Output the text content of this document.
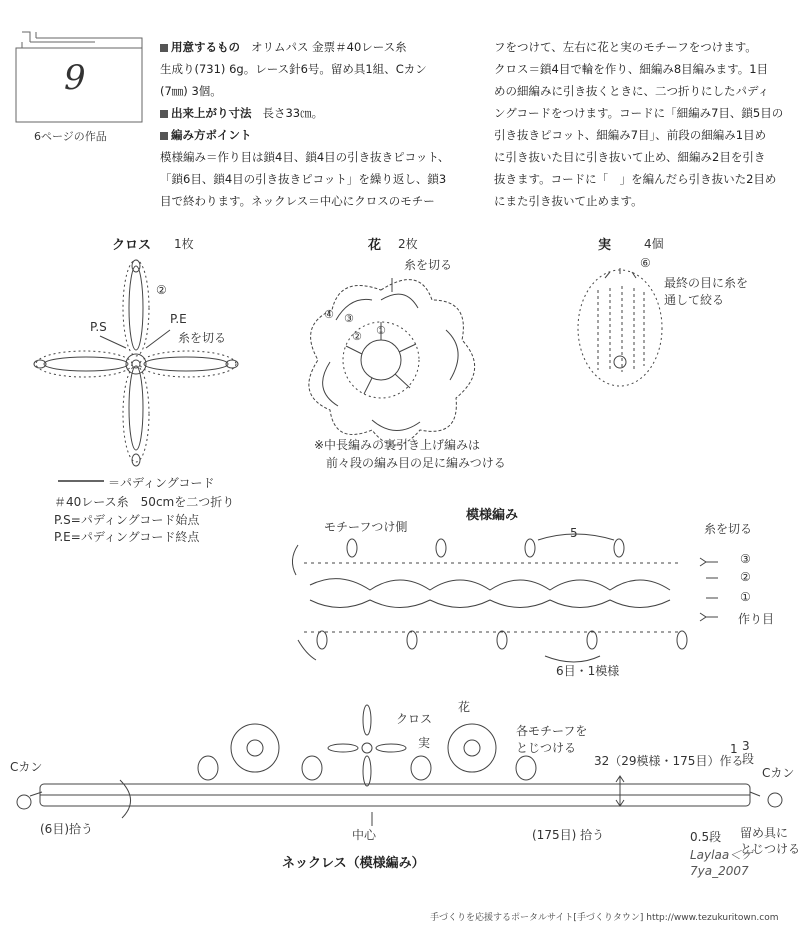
9
6ページの作品
用意するもの オリムパス 金票＃40レース糸
生成り(731) 6g。レース針6号。留め具1組、Cカン
(7㎜) 3個。
出来上がり寸法 長さ33㎝。
編み方ポイント
模様編み＝作り目は鎖4目、鎖4目の引き抜きピコット、
「鎖6目、鎖4目の引き抜きピコット」を繰り返し、鎖3
目で終わります。ネックレス＝中心にクロスのモチー
フをつけて、左右に花と実のモチーフをつけます。
クロス＝鎖4目で輪を作り、細編み8目編みます。1目
めの細編みに引き抜くときに、二つ折りにしたパディ
ングコードをつけます。コードに「細編み7目、鎖5目の
引き抜きピコット、細編み7目」、前段の細編み1目め
に引き抜いた目に引き抜いて止め、細編み2目を引き
抜きます。コードに「　」を編んだら引き抜いた2目め
にまた引き抜いて止めます。
クロス 1枚
②
P.S
P.E
糸を切る
花 2枚
糸を切る
①
②
③
④
※中長編みの裏引き上げ編みは
前々段の編み目の足に編みつける
実	4個
⑥
最終の目に糸を
通して絞る
＝パディングコード
＃40レース糸　50cmを二つ折り
P.S=パディングコード始点
P.E=パディングコード終点
模様編み
モチーフつけ側	5	糸を切る
③
②
①
作り目
6目・1模様
クロス
花
実
各モチーフを
とじつける
32（29模様・175目）作る
1 3段
Cカン	Cカン
(6目)拾う	(175目) 拾う
中心	0.5段 留め具に
とじつける
ネックレス（模様編み）
Laylaa＜ゲ
7ya_2007
手づくりを応援するポータルサイト[手づくりタウン] http://www.tezukuritown.com
